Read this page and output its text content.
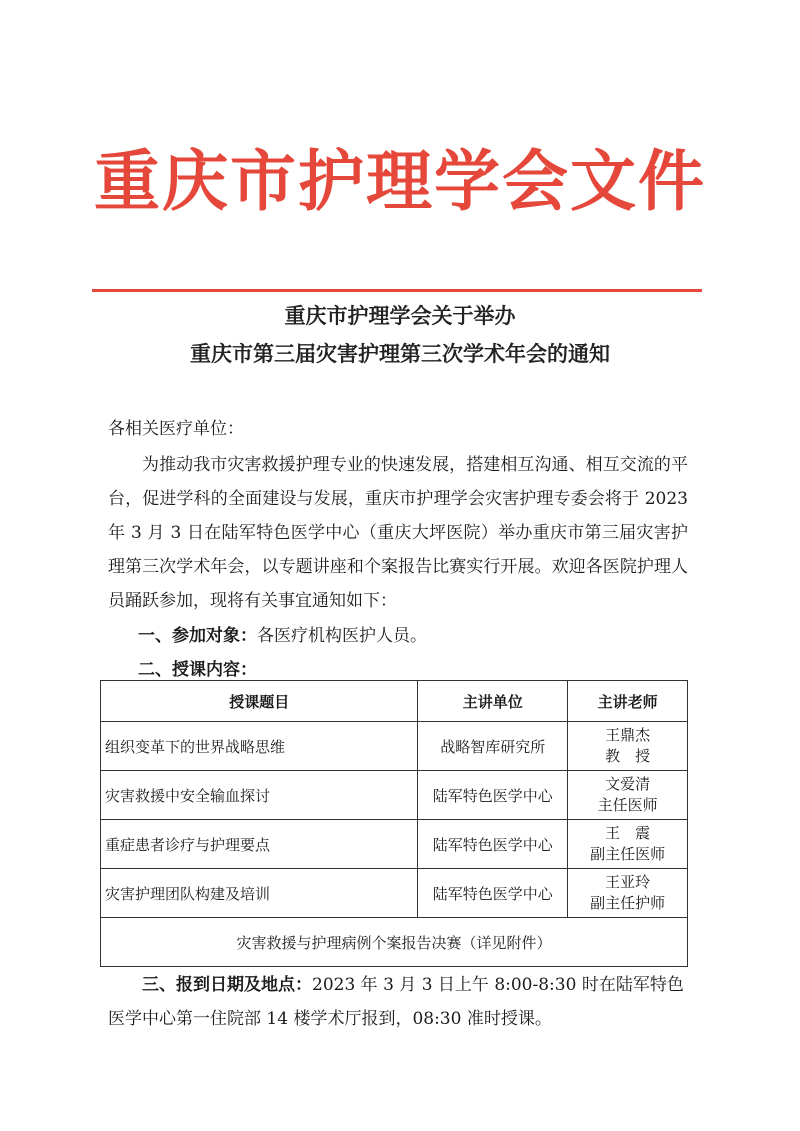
重庆市护理学会文件
重庆市护理学会关于举办
重庆市第三届灾害护理第三次学术年会的通知
各相关医疗单位：
为推动我市灾害救援护理专业的快速发展，搭建相互沟通、相互交流的平台，促进学科的全面建设与发展，重庆市护理学会灾害护理专委会将于 2023 年 3 月 3 日在陆军特色医学中心（重庆大坪医院）举办重庆市第三届灾害护理第三次学术年会，以专题讲座和个案报告比赛实行开展。欢迎各医院护理人员踊跃参加，现将有关事宜通知如下：
一、参加对象：各医疗机构医护人员。
二、授课内容：
授课题目	主讲单位	主讲老师
组织变革下的世界战略思维	战略智库研究所	王鼎杰
教　授

灾害救援中安全输血探讨	陆军特色医学中心	文爱清
主任医师

重症患者诊疗与护理要点	陆军特色医学中心	王　震
副主任医师

灾害护理团队构建及培训	陆军特色医学中心	王亚玲
副主任护师

灾害救援与护理病例个案报告决赛（详见附件）		
三、报到日期及地点：2023 年 3 月 3 日上午 8:00-8:30 时在陆军特色医学中心第一住院部 14 楼学术厅报到，08:30 准时授课。
